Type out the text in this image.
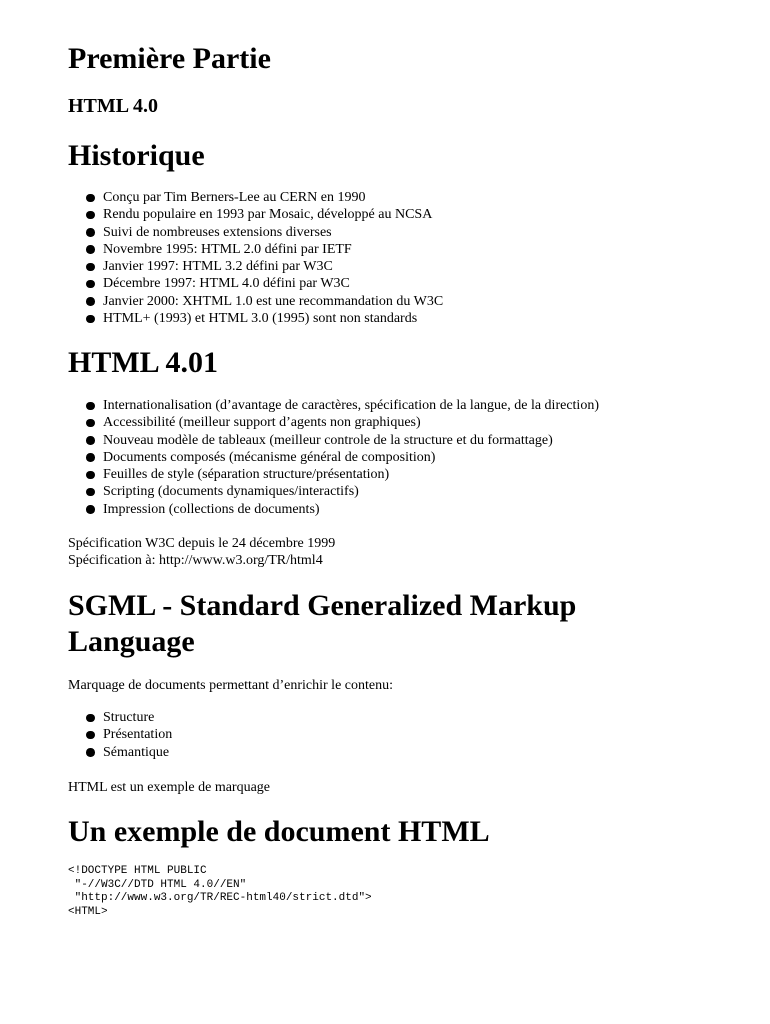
Première Partie
HTML 4.0
Historique
Conçu par Tim Berners-Lee au CERN en 1990
Rendu populaire en 1993 par Mosaic, développé au NCSA
Suivi de nombreuses extensions diverses
Novembre 1995: HTML 2.0 défini par IETF
Janvier 1997: HTML 3.2 défini par W3C
Décembre 1997: HTML 4.0 défini par W3C
Janvier 2000: XHTML 1.0 est une recommandation du W3C
HTML+ (1993) et HTML 3.0 (1995) sont non standards
HTML 4.01
Internationalisation (d’avantage de caractères, spécification de la langue, de la direction)
Accessibilité (meilleur support d’agents non graphiques)
Nouveau modèle de tableaux (meilleur controle de la structure et du formattage)
Documents composés (mécanisme général de composition)
Feuilles de style (séparation structure/présentation)
Scripting (documents dynamiques/interactifs)
Impression (collections de documents)

Spécification W3C depuis le 24 décembre 1999

Spécification à: http://www.w3.org/TR/html4

SGML - Standard Generalized Markup
Language

Marquage de documents permettant d’enrichir le contenu:

Structure
Présentation
Sémantique

HTML est un exemple de marquage

Un exemple de document HTML
<!DOCTYPE HTML PUBLIC
"-//W3C//DTD HTML 4.0//EN"
"http://www.w3.org/TR/REC-html40/strict.dtd">
<HTML>
